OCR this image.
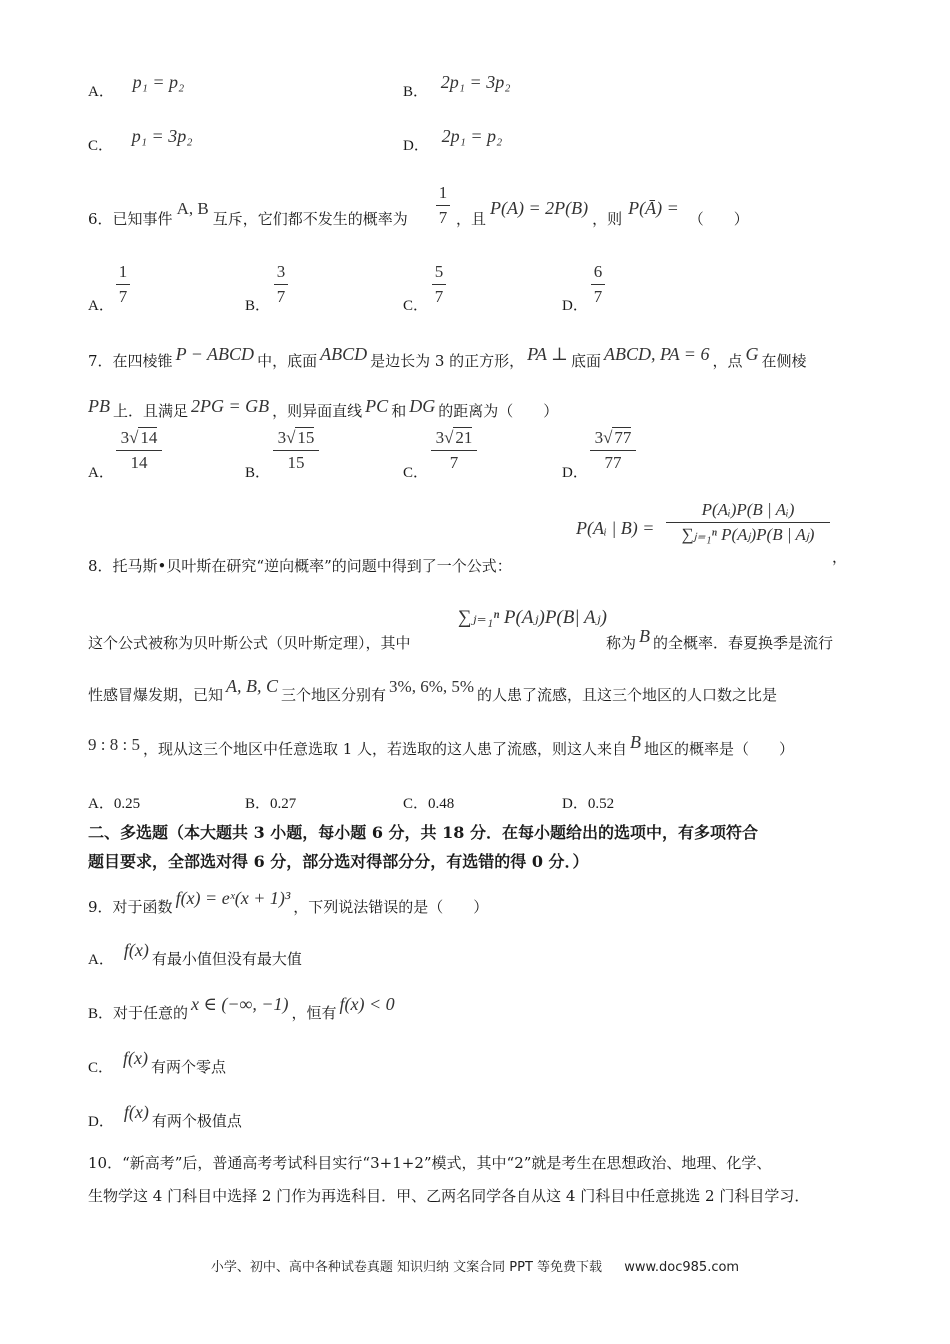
A． p₁ = p₂	B． 2p₁ = 3p₂
C． p₁ = 3p₂	D． 2p₁ = p₂
6．已知事件A, B互斥，它们都不发生的概率为
1
7 ，且P(A) = 2P(B)，则P(Ā) =（　　）
A．
1
7	B．
3
7	C．
5
7	D．
6
7
7．在四棱锥 P − ABCD 中，底面 ABCD 是边长为 3 的正方形， PA ⊥ 底面 ABCD, PA = 6 ，点 G 在侧棱
PB 上．且满足 2PG = GB ，则异面直线 PC 和 DG 的距离为（　　）
A．
3√ 14
14
B．
3√ 15
15
C．
3√ 21
7
D．
3√ 77
77
P(Aᵢ | B) =
P(Aᵢ)P(B | Aᵢ)
∑ⱼ₌₁ⁿ P(Aⱼ)P(B | Aⱼ)
，
8．托马斯•贝叶斯在研究“逆向概率”的问题中得到了一个公式：
这个公式被称为贝叶斯公式（贝叶斯定理），其中
∑ⱼ₌₁ⁿ P(Aⱼ)P(B| Aⱼ)
称为 B 的全概率．春夏换季是流行
性感冒爆发期，已知 A, B, C 三个地区分别有 3%, 6%, 5% 的人患了流感，且这三个地区的人口数之比是
9 : 8 : 5 ，现从这三个地区中任意选取 1 人，若选取的这人患了流感，则这人来自 B 地区的概率是（　　）
A．0.25	B．0.27	C．0.48	D．0.52
二、多选题（本大题共 3 小题，每小题 6 分，共 18 分．在每小题给出的选项中，有多项符合
题目要求，全部选对得 6 分，部分选对得部分分，有选错的得 0 分．）
9．对于函数 f(x) = eˣ(x + 1)³ ，下列说法错误的是（　　）
A． f(x) 有最小值但没有最大值
B．对于任意的 x ∈ (−∞, −1) ，恒有 f(x) < 0
C． f(x) 有两个零点
D． f(x) 有两个极值点
10．“新高考”后，普通高考考试科目实行“3+1+2”模式，其中“2”就是考生在思想政治、地理、化学、
生物学这 4 门科目中选择 2 门作为再选科目．甲、乙两名同学各自从这 4 门科目中任意挑选 2 门科目学习．
小学、初中、高中各种试卷真题 知识归纳 文案合同 PPT 等免费下载 www.doc985.com
